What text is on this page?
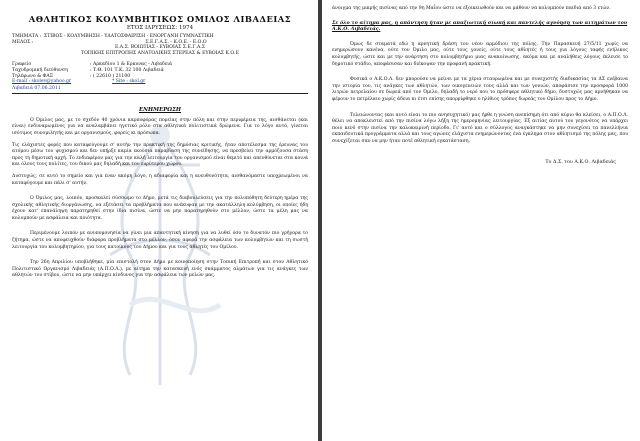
ΑΘΛΗΤΙΚΟΣ ΚΟΛΥΜΒΗΤΙΚΟΣ ΟΜΙΛΟΣ ΛΙΒΑΔΕΙΑΣ
ΕΤΟΣ ΙΔΡΥΣΕΩΣ: 1974
ΤΜΗΜΑΤΑ : ΣΤΙΒΟΣ - ΚΟΛΥΜΒΗΣΗ - ΥΔΑΤΟΣΦΑΙΡΙΣΗ - ΕΝΟΡΓΑΝΗ ΓΥΜΝΑΣΤΙΚΗ
ΜΕΛΟΣ :	Σ.Ε.Γ.Α.Σ. - Κ.Ο.Ε. - Ε.Ο.Ο
Ε.Α.Σ. ΒΟΙΩΤΙΑΣ - ΕΥΒΟΙΑΣ Σ.Ε.Γ.Α.Σ
ΤΟΠΙΚΗΣ ΕΠΙΤΡΟΠΗΣ ΑΝΑΤΟΛΙΚΗΣ ΣΤΕΡΕΑΣ & ΕΥΒΟΙΑΣ Κ.Ο.Ε
Γραφείο	: Αρκαδίου 1 & Ερκυνας - Λιβαδειά
Ταχυδρομική διεύθυνση	: Τ.Θ. 101 Τ.Κ. 32 100 Λιβαδειά
Τηλέφωνο & ΦΑΞ	: ( 22610 ) 21100
E-mail : skolev@yahoo.gr	* Site : skol.gr
Λιβαδειά 07.06.2011
ΕΝΗΜΕΡΩΣΗ

Ο Όμιλος μας, με το σχεδόν 40 χρόνια καρποφόρας πορείας στην πόλη και στην περιφέρεια της, αισθάνεται (και είναι) ενδυναμωμένος για να αναλαμβάνει ηγετικό ρόλο στα αθλητικά πολιτιστικά δρώμενα. Για το λόγο αυτό, γίνεται ισότιμος συνομιλητής και με οργανισμούς, φορείς κι πρόσωπα.

Τις ελάχιστες φορές που καταφεύγουμε σ' αυτήν την πρακτική της δημόσιας κριτικής, ήταν αποτέλεσμα της έρευνας του ατόμου μέσω του ψυχισμού και δεν υπήρξε καμία εκούσια παραβίαση της συνείδησης, να πρεσβεύει την αρμόζουσα στάση προς τη δημοτική αρχή. Το ενδιαφέρον μας για την καλή λειτουργία του οργανισμού είναι θεμιτό και απευθύνεται στα κοινά και όλους τους πολίτες, του δικού μας δηλαδή και του ευρύτερου χώρου.

Δυστυχώς, σε αυτό το σημείο και για έναν ακόμη λόγο, η αδιαφορία και η ανευθυνότητα, αισθανόμαστε υποχρεωμένοι να καταφύγουμε και πάλι σ' αυτήν.

Ο Όμιλος μας, λοιπόν, προσκαλεί σύσσωμο το Δήμο, μετά τις διαβουλεύσεις για την πολυπόθητη δεύτερη ημέρα της σχολικής αθλητικής διοργάνωσης, να εξετάσει τα προβλήματα που ανέκυψαν με την ακατάλληλη κολύμβηση, οι οποίες ήδη έχουν κατ' επανάληψη παρατηρηθεί στην ίδια πισίνα, ώστε να μην παρατηρηθούν στο μέλλον, ώστε τα μέλη μας να κολυμπούν με ασφάλεια και ποιότητα.

Περιμένουμε λοιπόν με ανυπομονησία να γίνει μια απαντητική κίνηση για να λυθεί όσο το δυνατόν πιο γρήγορα το ζήτημα, ώστε να αποφευχθούν διάφορα προβλήματα στο μέλλον, όσον αφορά την ασφάλεια των κολυμβητών και τη σωστή λειτουργία του κολυμβητηρίου, για τους κατοίκους του Δήμου και για τους αθλητές του Ομίλου.

Την 26η Απριλίου υποβλήθηκε, μία επιστολή στον Δήμο με κοινοποίηση στην Τοπική Επιτροπή και στον Αθλητικό Πολιτιστικό Οργανισμό Λιβαδειάς (Α.Π.Ο.Λ.), με αίτημα την κατασκευή ενός σκάμματος αλμάτων για τις ανάγκες των αθλητών του στίβου, ώστε να μην υπάρχει κίνδυνος για την ασφάλεια των μελών μας.

άνοιγμα της μικρής πισίνας από την 9η Μαΐου ώστε να εξοικειωθούν και να μάθουν να κολυμπούν παιδιά από 3 ετών.

Σε όλο το αίτημα μας, η απάντηση ήταν με απαξιωτική σιωπή και παντελής αγνόηση των αιτημάτων του Α.Κ.Ο. Λιβαδειάς.

Όμως δε σταματά εδώ η αρνητική δράση του νέου αρμόδιου της πόλης. Την Παρασκευή 27/5/11 χωρίς να ενημερώσουν κανένα, ούτε τον Όμιλο μας, ούτε τους γονείς, ούτε τους αθλητές ή τους για λόγους ταφής ενήλικος κολυμβητής, ώστε και με την ανάρτηση στο κολυμβητήριο μιας ανακοίνωσης, ακόμα και με αναλήθεις λόγους έκλεισε το δημοτικό στάδιο, αποφάσισαν και διέκοψαν την προφανή πρακτική.

Φυσικά ο Α.Κ.Ο.Λ. δεν μπορούσε να μείνει με τα χέρια σταυρωμένα και με συνεχιστής διαδικασίας τα ΔΣ ενέβαινα την ιστορία του, τις ανάγκες των αθλητών, των οικογενειών τους αλλά και των γονιών, αποφάσισε την προσφορά 1000 λιτρών πετρελαίου σε δωρεά από τον Όμιλο, δηλαδή το νερό που το πρόσφερε αθλητικό δήμο, δυστυχώς μας αρνήθηκαν να φέρουν το πετρέλαιο χωρίς άδεια κι έτσι επίσης απορρίφθηκε ο ηλίθιος τρόπος δωρεάς του Ομίλου προς το Δήμο.

Τελειώνοντας (και αυτό είναι το πιο ανησυχητικό) μας ήρθε η γνώση ανεπίσημη ότι από αύριο θα κλείσει, ο Α.Π.Ο.Λ. θέλει να αποκλειστεί από την πισίνα λόγω λήξη της ημερομηνίας λειτουργίας. Εξ αιτίας αυτού του γεγονότος να υπάρχει ποιο κενό στην πισίνα την καλοκαιρινή περίοδο. Γι' αυτό και ο σύλλογος αναγκάστηκε να μην συνεχίσει τα πανελλήνια εκπαιδευτικά προγράμματα αλλά και τους αγώνες ελάχιστα ενημερώνοντας ένα έγκλημα στον αθλητισμό της πόλης μας, που συνεχίζεται σαν να μην ήταν ποτέ αθλητική εγκατάσταση.

Το Δ.Σ. του Α.Κ.Ο. Λιβαδειάς
